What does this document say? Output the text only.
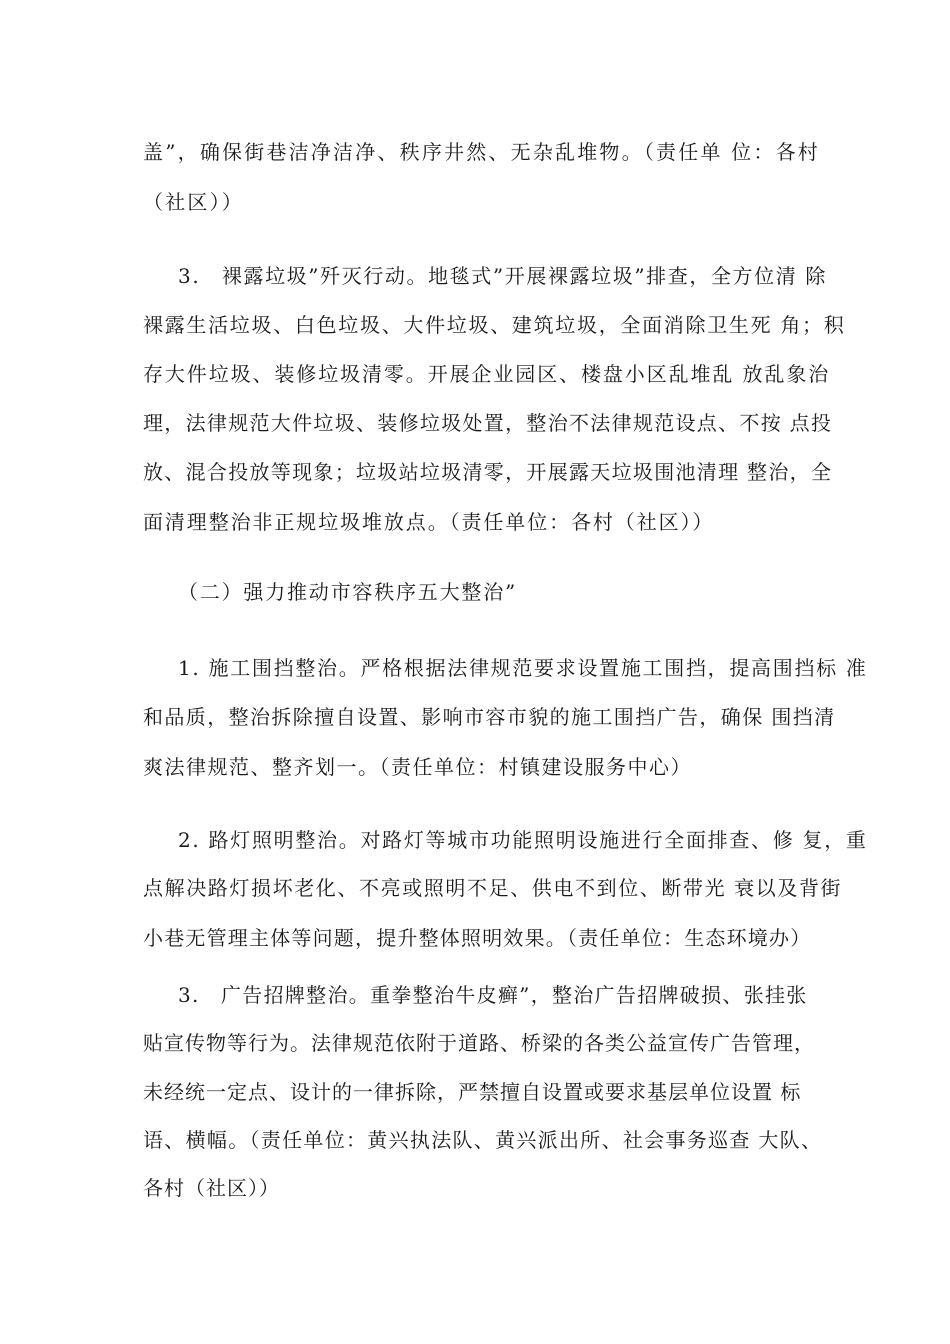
盖”，确保街巷洁净洁净、秩序井然、无杂乱堆物。（责任单 位：各村
（社区））
3.　裸露垃圾”歼灭行动。地毯式”开展裸露垃圾”排查，全方位清 除
裸露生活垃圾、白色垃圾、大件垃圾、建筑垃圾，全面消除卫生死 角；积
存大件垃圾、装修垃圾清零。开展企业园区、楼盘小区乱堆乱 放乱象治
理，法律规范大件垃圾、装修垃圾处置，整治不法律规范设点、不按 点投
放、混合投放等现象；垃圾站垃圾清零，开展露天垃圾围池清理 整治，全
面清理整治非正规垃圾堆放点。（责任单位：各村（社区））
（二）强力推动市容秩序五大整治”
1. 施工围挡整治。严格根据法律规范要求设置施工围挡，提高围挡标 准
和品质，整治拆除擅自设置、影响市容市貌的施工围挡广告，确保 围挡清
爽法律规范、整齐划一。（责任单位：村镇建设服务中心）
2. 路灯照明整治。对路灯等城市功能照明设施进行全面排查、修 复，重
点解决路灯损坏老化、不亮或照明不足、供电不到位、断带光 衰以及背街
小巷无管理主体等问题，提升整体照明效果。（责任单位：生态环境办）
3.　广告招牌整治。重拳整治牛皮癣”，整治广告招牌破损、张挂张
贴宣传物等行为。法律规范依附于道路、桥梁的各类公益宣传广告管理，
未经统一定点、设计的一律拆除，严禁擅自设置或要求基层单位设置 标
语、横幅。（责任单位：黄兴执法队、黄兴派出所、社会事务巡查 大队、
各村（社区））
